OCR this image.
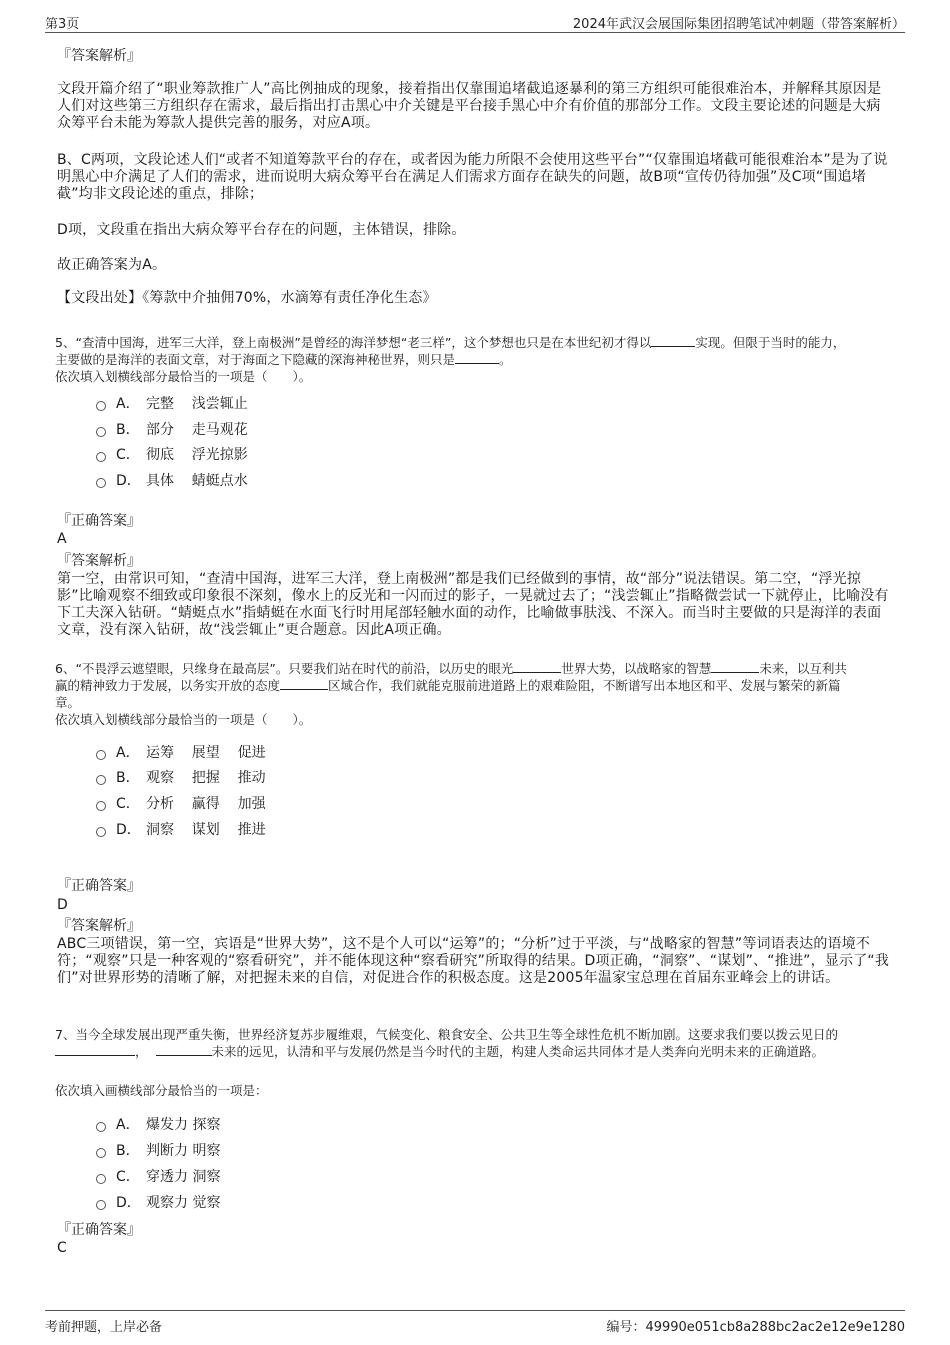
第3页	2024年武汉会展国际集团招聘笔试冲刺题（带答案解析）
『答案解析』
文段开篇介绍了“职业筹款推广人”高比例抽成的现象，接着指出仅靠围追堵截追逐暴利的第三方组织可能很难治本，并解释其原因是人们对这些第三方组织存在需求，最后指出打击黑心中介关键是平台接手黑心中介有价值的那部分工作。文段主要论述的问题是大病众筹平台未能为筹款人提供完善的服务，对应A项。
B、C两项，文段论述人们“或者不知道筹款平台的存在，或者因为能力所限不会使用这些平台”“仅靠围追堵截可能很难治本”是为了说明黑心中介满足了人们的需求，进而说明大病众筹平台在满足人们需求方面存在缺失的问题，故B项“宣传仍待加强”及C项“围追堵截”均非文段论述的重点，排除；
D项，文段重在指出大病众筹平台存在的问题，主体错误，排除。
故正确答案为A。
【文段出处】《筹款中介抽佣70%，水滴筹有责任净化生态》
5、“查清中国海，进军三大洋，登上南极洲”是曾经的海洋梦想“老三样”，这个梦想也只是在本世纪初才得以	实现。但限于当时的能力，
主要做的是海洋的表面文章，对于海面之下隐藏的深海神秘世界，则只是	。
依次填入划横线部分最恰当的一项是（　　）。
A． 完整    浅尝辄止
B． 部分    走马观花
C． 彻底    浮光掠影
D． 具体    蜻蜓点水
『正确答案』
A
『答案解析』
第一空，由常识可知，“查清中国海，进军三大洋，登上南极洲”都是我们已经做到的事情，故“部分”说法错误。第二空，“浮光掠影”比喻观察不细致或印象很不深刻，像水上的反光和一闪而过的影子，一晃就过去了；“浅尝辄止”指略微尝试一下就停止，比喻没有下工夫深入钻研。“蜻蜓点水”指蜻蜓在水面飞行时用尾部轻触水面的动作，比喻做事肤浅、不深入。而当时主要做的只是海洋的表面文章，没有深入钻研，故“浅尝辄止”更合题意。因此A项正确。
6、“不畏浮云遮望眼，只缘身在最高层”。只要我们站在时代的前沿，以历史的眼光	世界大势，以战略家的智慧	未来，以互利共
赢的精神致力于发展，以务实开放的态度	区域合作，我们就能克服前进道路上的艰难险阻，不断谱写出本地区和平、发展与繁荣的新篇
章。
依次填入划横线部分最恰当的一项是（　　）。
A． 运筹    展望    促进
B． 观察    把握    推动
C． 分析    赢得    加强
D． 洞察    谋划    推进
『正确答案』
D
『答案解析』
ABC三项错误，第一空，宾语是“世界大势”，这不是个人可以“运筹”的；“分析”过于平淡，与“战略家的智慧”等词语表达的语境不符；“观察”只是一种客观的“察看研究”，并不能体现这种“察看研究”所取得的结果。D项正确，“洞察”、“谋划”、“推进”，显示了“我们”对世界形势的清晰了解，对把握未来的自信，对促进合作的积极态度。这是2005年温家宝总理在首届东亚峰会上的讲话。
7、当今全球发展出现严重失衡，世界经济复苏步履维艰，气候变化、粮食安全、公共卫生等全球性危机不断加剧。这要求我们要以拨云见日的
，	未来的远见，认清和平与发展仍然是当今时代的主题，构建人类命运共同体才是人类奔向光明未来的正确道路。
依次填入画横线部分最恰当的一项是：
A． 爆发力 探察
B． 判断力 明察
C． 穿透力 洞察
D． 观察力 觉察
『正确答案』
C
考前押题，上岸必备	编号：49990e051cb8a288bc2ac2e12e9e1280
